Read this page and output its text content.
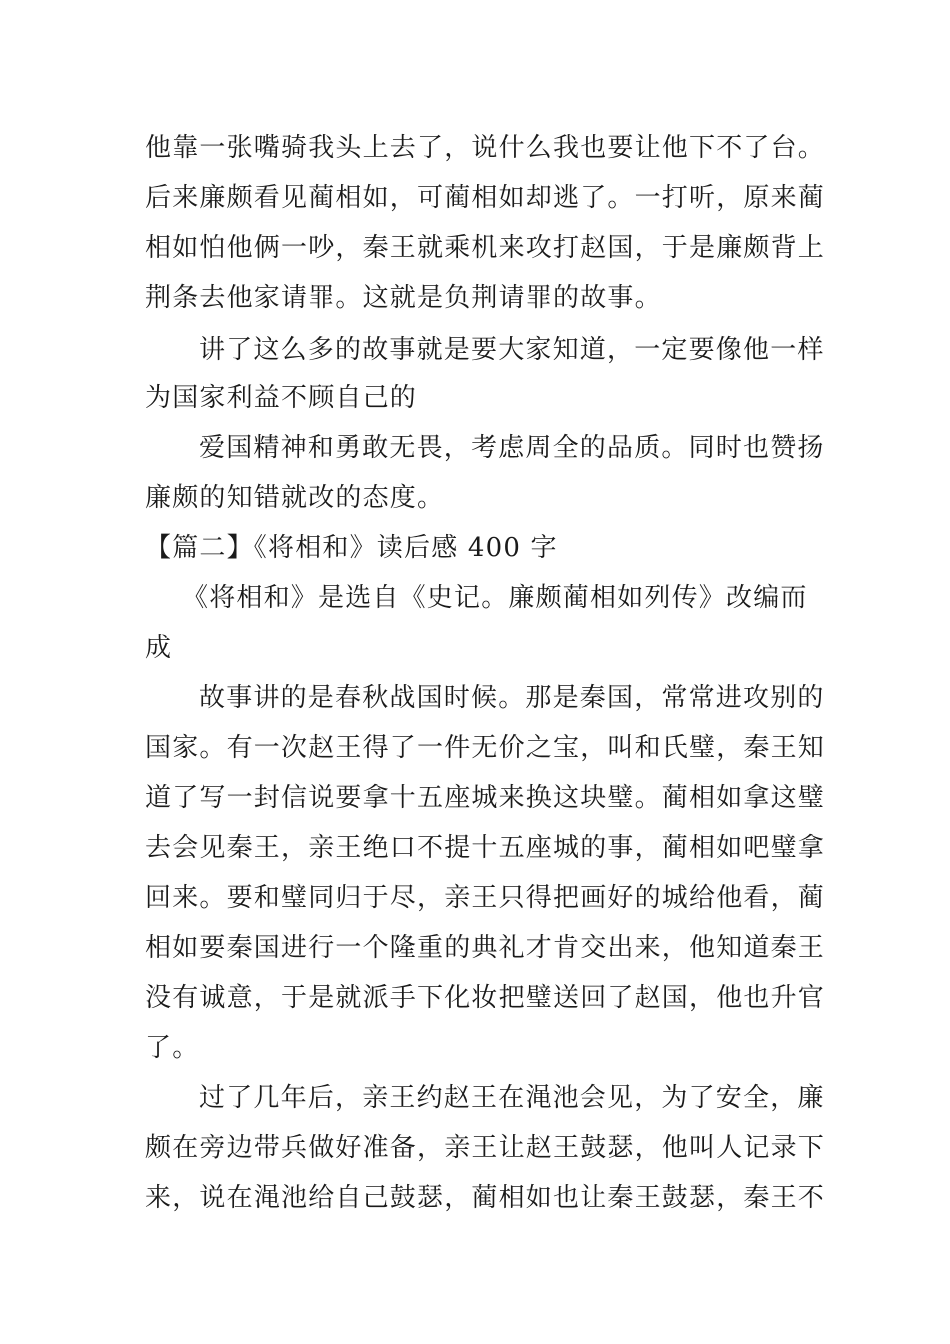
他靠一张嘴骑我头上去了，说什么我也要让他下不了台。
后来廉颇看见蔺相如，可蔺相如却逃了。一打听，原来蔺
相如怕他俩一吵，秦王就乘机来攻打赵国，于是廉颇背上
荆条去他家请罪。这就是负荆请罪的故事。
讲了这么多的故事就是要大家知道，一定要像他一样
为国家利益不顾自己的
爱国精神和勇敢无畏，考虑周全的品质。同时也赞扬
廉颇的知错就改的态度。
【篇二】《将相和》读后感 400 字
《将相和》是选自《史记。廉颇蔺相如列传》改编而
成
故事讲的是春秋战国时候。那是秦国，常常进攻别的
国家。有一次赵王得了一件无价之宝，叫和氏璧，秦王知
道了写一封信说要拿十五座城来换这块璧。蔺相如拿这璧
去会见秦王，亲王绝口不提十五座城的事，蔺相如吧璧拿
回来。要和璧同归于尽，亲王只得把画好的城给他看，蔺
相如要秦国进行一个隆重的典礼才肯交出来，他知道秦王
没有诚意，于是就派手下化妆把璧送回了赵国，他也升官
了。
过了几年后，亲王约赵王在渑池会见，为了安全，廉
颇在旁边带兵做好准备，亲王让赵王鼓瑟，他叫人记录下
来，说在渑池给自己鼓瑟，蔺相如也让秦王鼓瑟，秦王不
